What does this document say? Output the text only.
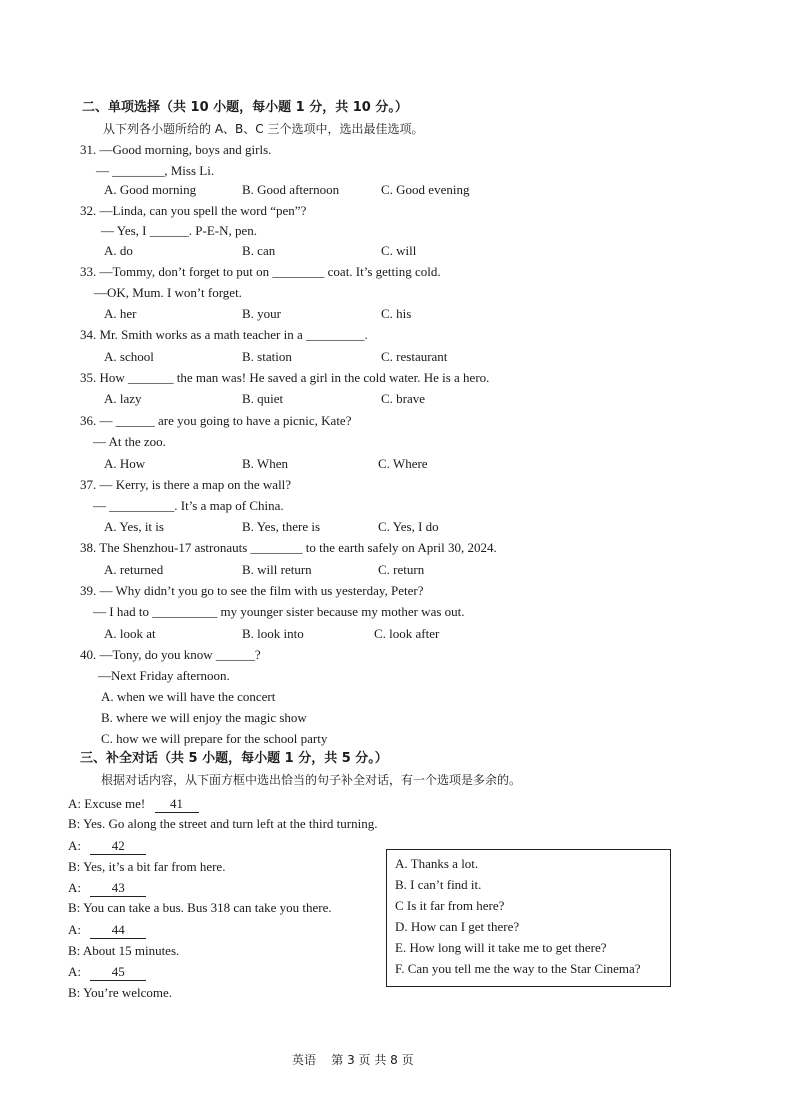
二、单项选择（共 10 小题，每小题 1 分，共 10 分。）
从下列各小题所给的 A、B、C 三个选项中，选出最佳选项。
31. —Good morning, boys and girls.
— ________, Miss Li.
A. Good morning	B. Good afternoon	C. Good evening
32. —Linda, can you spell the word “pen”?
— Yes, I ______. P-E-N, pen.
A. do	B. can	C. will
33. —Tommy, don’t forget to put on ________ coat. It’s getting cold.
—OK, Mum. I won’t forget.
A. her	B. your	C. his
34. Mr. Smith works as a math teacher in a _________.
A. school	B. station	C. restaurant
35. How _______ the man was! He saved a girl in the cold water. He is a hero.
A. lazy	B. quiet	C. brave
36. — ______ are you going to have a picnic, Kate?
— At the zoo.
A. How	B. When	C. Where
37. — Kerry, is there a map on the wall?
— __________. It’s a map of China.
A. Yes, it is	B. Yes, there is	C. Yes, I do
38. The Shenzhou-17 astronauts ________ to the earth safely on April 30, 2024.
A. returned	B. will return	C. return
39. — Why didn’t you go to see the film with us yesterday, Peter?
— I had to __________ my younger sister because my mother was out.
A. look at	B. look into	C. look after
40. —Tony, do you know ______?
—Next Friday afternoon.
A. when we will have the concert
B. where we will enjoy the magic show
C. how we will prepare for the school party
三、补全对话（共 5 小题，每小题 1 分，共 5 分。）
根据对话内容，从下面方框中选出恰当的句子补全对话，有一个选项是多余的。
A: Excuse me! 41
B: Yes. Go along the street and turn left at the third turning.
A: 42
B: Yes, it’s a bit far from here.
A: 43
B: You can take a bus. Bus 318 can take you there.
A: 44
B: About 15 minutes.
A: 45
B: You’re welcome.
A. Thanks a lot.
B. I can’t find it.
C Is it far from here?
D. How can I get there?
E. How long will it take me to get there?
F. Can you tell me the way to the Star Cinema?
英语    第 3 页 共 8 页
